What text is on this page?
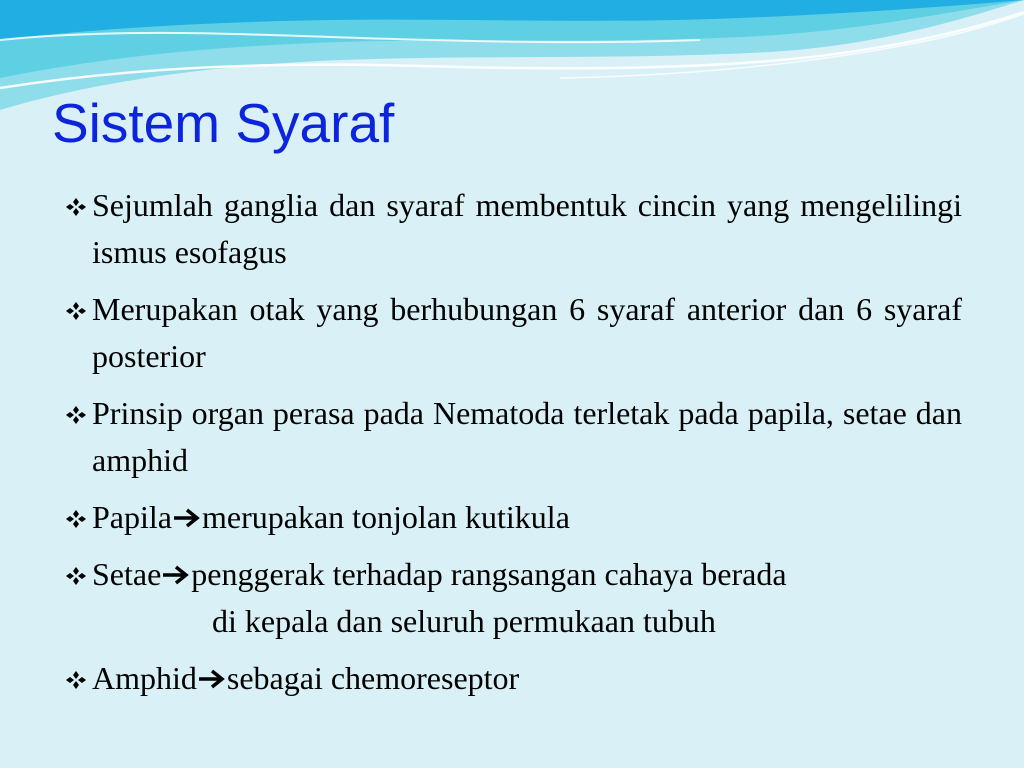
Sistem Syaraf
Sejumlah ganglia dan syaraf membentuk cincin yang mengelilingi ismus esofagus
Merupakan otak yang berhubungan 6 syaraf anterior dan 6 syaraf posterior
Prinsip organ perasa pada Nematoda terletak pada papila, setae dan amphid
Papila merupakan tonjolan kutikula
Setae penggerak terhadap rangsangan cahaya berada
di kepala dan seluruh permukaan tubuh
Amphid sebagai chemoreseptor
